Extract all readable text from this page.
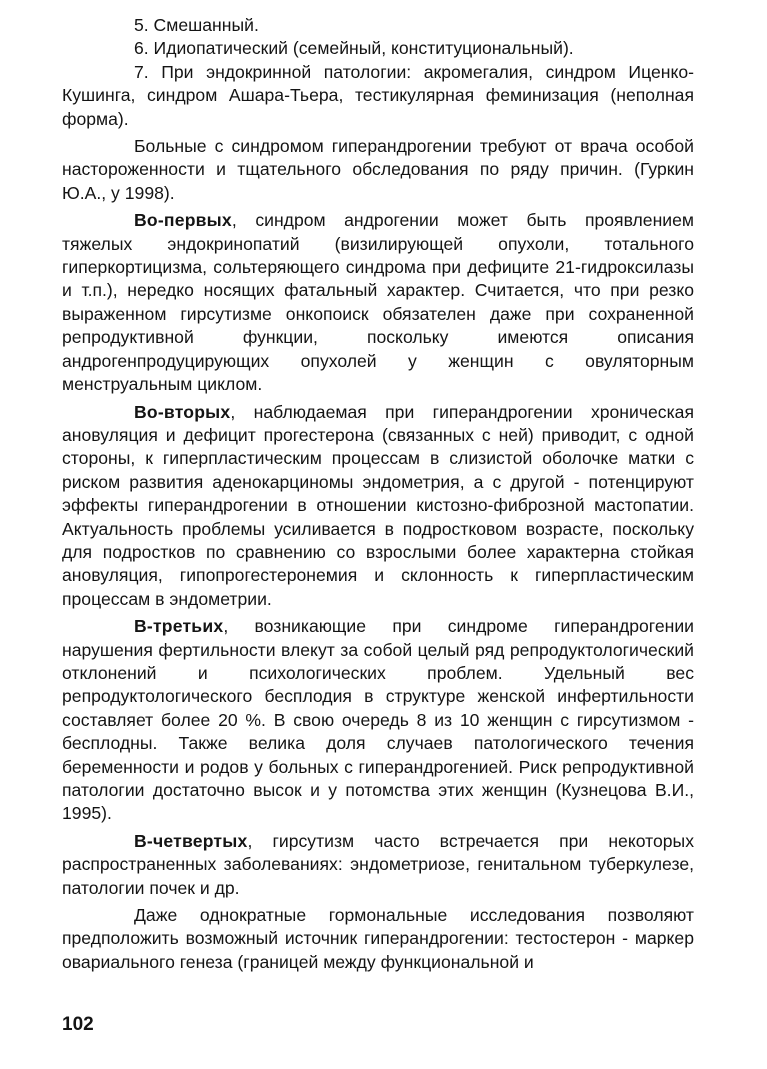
5. Смешанный.
6. Идиопатический (семейный, конституциональный).

7. При эндокринной патологии: акромегалия, синдром Иценко-Кушинга, синдром Ашара-Тьера, тестикулярная феминизация (неполная форма).

Больные с синдромом гиперандрогении требуют от врача особой настороженности и тщательного обследования по ряду причин. (Гуркин Ю.А., у 1998).

Во-первых, синдром андрогении может быть проявлением тяжелых эндокринопатий (визилирующей опухоли, тотального гиперкортицизма, сольтеряющего синдрома при дефиците 21-гидроксилазы и т.п.), нередко носящих фатальный характер. Считается, что при резко выраженном гирсутизме онкопоиск обязателен даже при сохраненной репродуктивной функции, поскольку имеются описания андрогенпродуцирующих опухолей у женщин с овуляторным менструальным циклом.

Во-вторых, наблюдаемая при гиперандрогении хроническая ановуляция и дефицит прогестерона (связанных с ней) приводит, с одной стороны, к гиперпластическим процессам в слизистой оболочке матки с риском развития аденокарциномы эндометрия, а с другой - потенцируют эффекты гиперандрогении в отношении кистозно-фиброзной мастопатии. Актуальность проблемы усиливается в подростковом возрасте, поскольку для подростков по сравнению со взрослыми более характерна стойкая ановуляция, гипопрогестеронемия и склонность к гиперпластическим процессам в эндометрии.

В-третьих, возникающие при синдроме гиперандрогении нарушения фертильности влекут за собой целый ряд репродуктологический отклонений и психологических проблем. Удельный вес репродуктологического бесплодия в структуре женской инфертильности составляет более 20 %. В свою очередь 8 из 10 женщин с гирсутизмом - бесплодны. Также велика доля случаев патологического течения беременности и родов у больных с гиперандрогенией. Риск репродуктивной патологии достаточно высок и у потомства этих женщин (Кузнецова В.И., 1995).

В-четвертых, гирсутизм часто встречается при некоторых распространенных заболеваниях: эндометриозе, генитальном туберкулезе, патологии почек и др.

Даже однократные гормональные исследования позволяют предположить возможный источник гиперандрогении: тестостерон - маркер овариального генеза (границей между функциональной и

102
